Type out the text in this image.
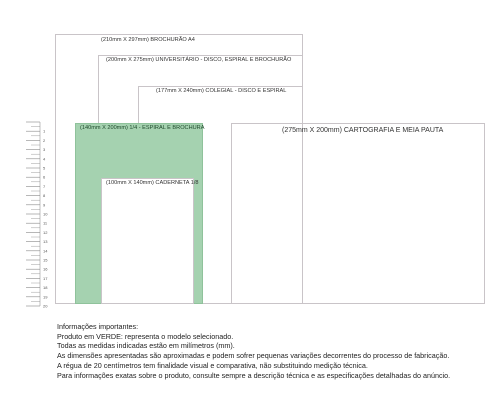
(210mm X 297mm) BROCHURÃO A4
(200mm X 275mm) UNIVERSITÁRIO - DISCO, ESPIRAL E BROCHURÃO
(177mm X 240mm) COLEGIAL - DISCO E ESPIRAL
(140mm X 200mm) 1/4 - ESPIRAL E BROCHURA
(100mm X 140mm) CADERNETA 1/8
(275mm X 200mm) CARTOGRAFIA E MEIA PAUTA
1
2
3
4
5
6
7
8
9
10
11
12
13
14
15
16
17
18
19
20
Informações importantes:
Produto em VERDE: representa o modelo selecionado.
Todas as medidas indicadas estão em milímetros (mm).
As dimensões apresentadas são aproximadas e podem sofrer pequenas variações decorrentes do processo de fabricação.
A régua de 20 centímetros tem finalidade visual e comparativa, não substituindo medição técnica.
Para informações exatas sobre o produto, consulte sempre a descrição técnica e as especificações detalhadas do anúncio.
